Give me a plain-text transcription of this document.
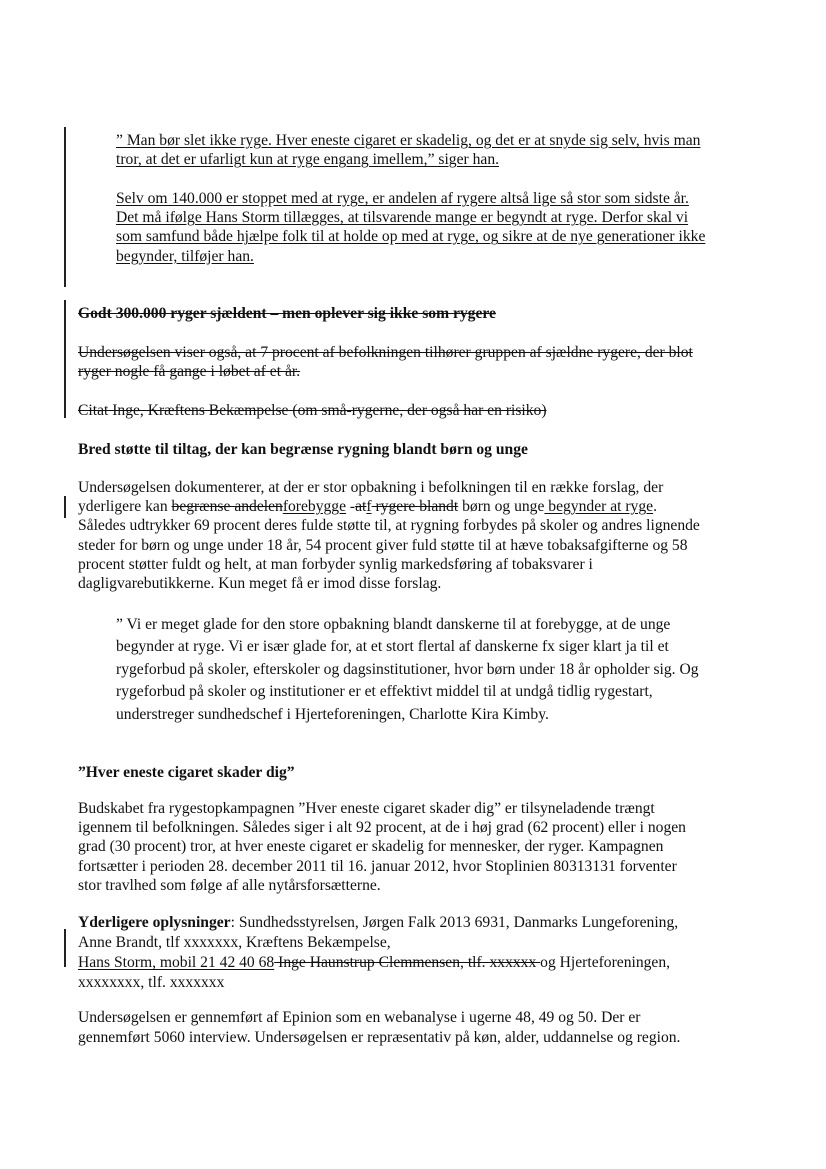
” Man bør slet ikke ryge. Hver eneste cigaret er skadelig, og det er at snyde sig selv, hvis man

tror, at det er ufarligt kun at ryge engang imellem,” siger han.

Selv om 140.000 er stoppet med at ryge, er andelen af rygere altså lige så stor som sidste år.

Det må ifølge Hans Storm tillægges, at tilsvarende mange er begyndt at ryge. Derfor skal vi

som samfund både hjælpe folk til at holde op med at ryge, og sikre at de nye generationer ikke

begynder, tilføjer han.

Godt 300.000 ryger sjældent – men oplever sig ikke som rygere

Undersøgelsen viser også, at 7 procent af befolkningen tilhører gruppen af sjældne rygere, der blot

ryger nogle få gange i løbet af et år.

Citat Inge, Kræftens Bekæmpelse (om små-rygerne, der også har en risiko)

Bred støtte til tiltag, der kan begrænse rygning blandt børn og unge

Undersøgelsen dokumenterer, at der er stor opbakning i befolkningen til en række forslag, der

yderligere kan begrænse andelenforebygge -atf rygere blandt børn og unge begynder at ryge.

Således udtrykker 69 procent deres fulde støtte til, at rygning forbydes på skoler og andres lignende

steder for børn og unge under 18 år, 54 procent giver fuld støtte til at hæve tobaksafgifterne og 58

procent støtter fuldt og helt, at man forbyder synlig markedsføring af tobaksvarer i

dagligvarebutikkerne. Kun meget få er imod disse forslag.

” Vi er meget glade for den store opbakning blandt danskerne til at forebygge, at de unge

begynder at ryge. Vi er især glade for, at et stort flertal af danskerne fx siger klart ja til et

rygeforbud på skoler, efterskoler og dagsinstitutioner, hvor børn under 18 år opholder sig. Og

rygeforbud på skoler og institutioner er et effektivt middel til at undgå tidlig rygestart,

understreger sundhedschef i Hjerteforeningen, Charlotte Kira Kimby.

”Hver eneste cigaret skader dig”

Budskabet fra rygestopkampagnen ”Hver eneste cigaret skader dig” er tilsyneladende trængt

igennem til befolkningen. Således siger i alt 92 procent, at de i høj grad (62 procent) eller i nogen

grad (30 procent) tror, at hver eneste cigaret er skadelig for mennesker, der ryger. Kampagnen

fortsætter i perioden 28. december 2011 til 16. januar 2012, hvor Stoplinien 80313131 forventer

stor travlhed som følge af alle nytårsforsætterne.

Yderligere oplysninger: Sundhedsstyrelsen, Jørgen Falk 2013 6931, Danmarks Lungeforening,

Anne Brandt, tlf xxxxxxx, Kræftens Bekæmpelse,

Hans Storm, mobil 21 42 40 68 Inge Haunstrup Clemmensen, tlf. xxxxxx og Hjerteforeningen,

xxxxxxxx, tlf. xxxxxxx

Undersøgelsen er gennemført af Epinion som en webanalyse i ugerne 48, 49 og 50. Der er

gennemført 5060 interview. Undersøgelsen er repræsentativ på køn, alder, uddannelse og region.
